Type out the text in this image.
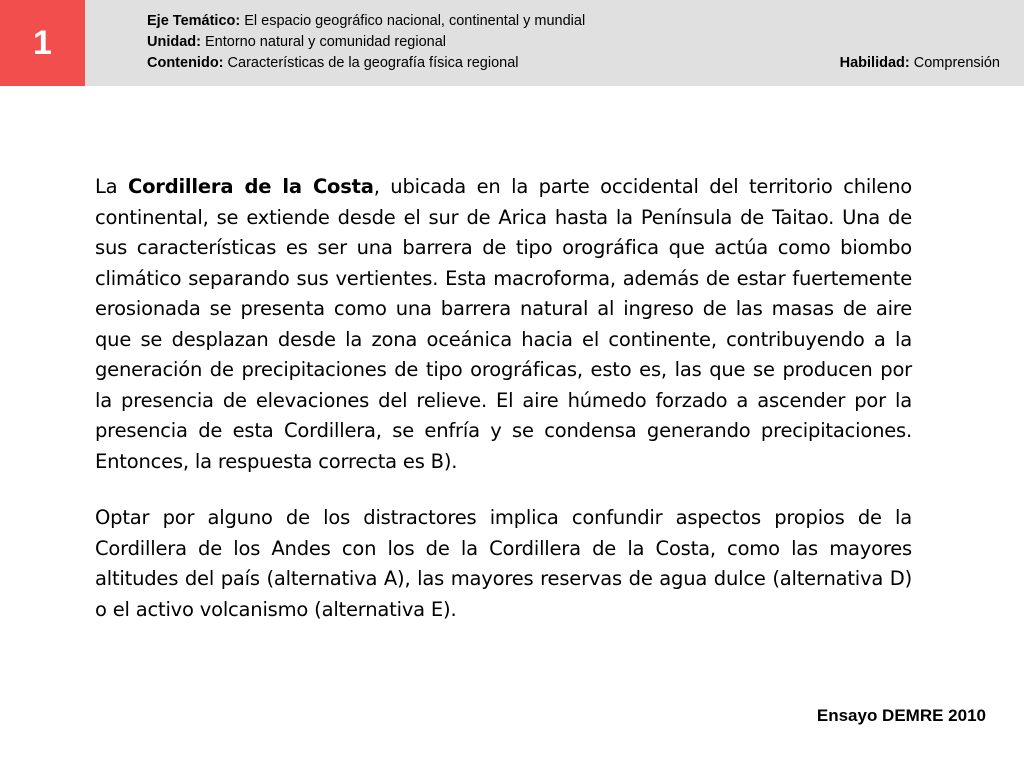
1
Eje Temático: El espacio geográfico nacional, continental y mundial
Unidad: Entorno natural y comunidad regional
Contenido: Características de la geografía física regional	Habilidad: Comprensión

La Cordillera de la Costa, ubicada en la parte occidental del territorio chileno continental, se extiende desde el sur de Arica hasta la Península de Taitao. Una de sus características es ser una barrera de tipo orográfica que actúa como biombo climático separando sus vertientes. Esta macroforma, además de estar fuertemente erosionada se presenta como una barrera natural al ingreso de las masas de aire que se desplazan desde la zona oceánica hacia el continente, contribuyendo a la generación de precipitaciones de tipo orográficas, esto es, las que se producen por la presencia de elevaciones del relieve. El aire húmedo forzado a ascender por la presencia de esta Cordillera, se enfría y se condensa generando precipitaciones. Entonces, la respuesta correcta es B).

Optar por alguno de los distractores implica confundir aspectos propios de la Cordillera de los Andes con los de la Cordillera de la Costa, como las mayores altitudes del país (alternativa A), las mayores reservas de agua dulce (alternativa D) o el activo volcanismo (alternativa E).

Ensayo DEMRE 2010
